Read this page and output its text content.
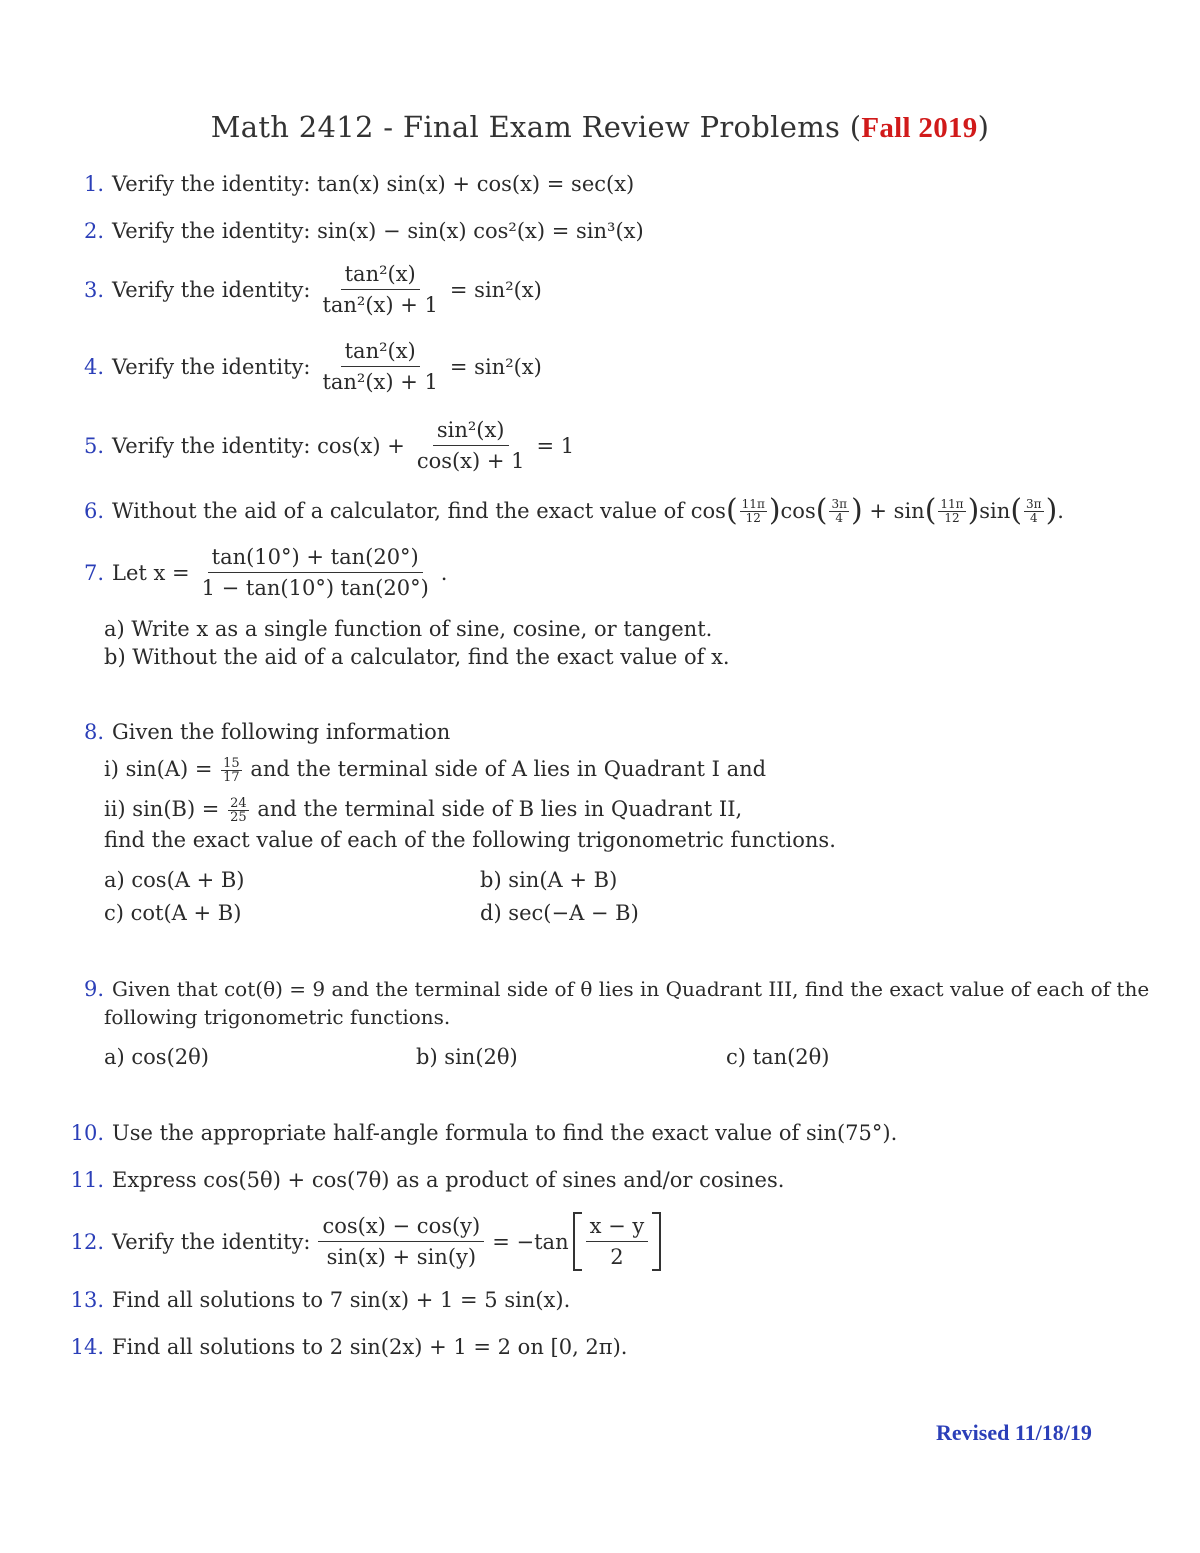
Math 2412 - Final Exam Review Problems (Fall 2019)
1. Verify the identity: tan(x) sin(x) + cos(x) = sec(x)
2. Verify the identity: sin(x) − sin(x) cos²(x) = sin³(x)
3. Verify the identity: $\frac{\text{tan²(x)}}{\text{tan²(x) + 1}} = \sin^2(x)$
4. Verify the identity: $\frac{\text{tan²(x)}}{\text{tan²(x) + 1}} = \sin^2(x)$
5. Verify the identity: $\cos(x) + \frac{\text{sin²(x)}}{\cos(x) + 1} = 1$
6. Without the aid of a calculator, find the exact value of cos ( 11π
12 ) cos ( 3π
4 )
+ sin ( 11π
12 ) sin ( 3π
4 ) .
7. Let $x = \frac{\tan(10^\circ) + \tan(20^\circ)}{1 - \tan(10^\circ) \tan(20^\circ)}$ .
a) Write x as a single function of sine, cosine, or tangent.
b) Without the aid of a calculator, find the exact value of x.
8. Given the following information
i) $\sin(A) = \frac{15}{17}$ and the terminal side of A lies in Quadrant I and
ii) $\sin(B) = \frac{24}{25}$ and the terminal side of B lies in Quadrant II,
find the exact value of each of the following trigonometric functions.
a) cos(A + B)	b) sin(A + B)
c) cot(A + B)	d) sec(−A − B)
9. Given that cot(θ) = 9 and the terminal side of θ lies in Quadrant III, find the exact value of each of the
following trigonometric functions.
a) cos(2θ)	b) sin(2θ)	c) tan(2θ)
10. Use the appropriate half-angle formula to find the exact value of sin(75°).
11. Express cos(5θ) + cos(7θ) as a product of sines and/or cosines.
12. Verify the identity: $\frac{\cos(x) - \cos(y)}{\sin(x) + \sin(y)} = -\tan \frac{x - y}{2}$
13. Find all solutions to 7 sin(x) + 1 = 5 sin(x).
14. Find all solutions to 2 sin(2x) + 1 = 2 on [0, 2π).
Revised 11/18/19
